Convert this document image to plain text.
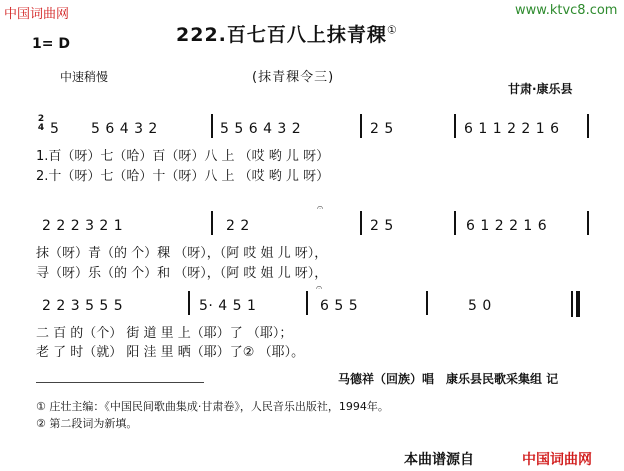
中国词曲网	www.ktvc8.com
222.百七百八上抹青稞①
1= D
中速稍慢	(抹青稞令三)
甘肃·康乐县
2
4 5 5 6 4 3 2	5 5 6 4 3 2	2 5	6 1 1 2 2 1 6
1.百（呀）七（哈）百（呀）八 上 （哎 哟 儿 呀）
2.十（呀）七（哈）十（呀）八 上 （哎 哟 儿 呀）
𝄐
2 2 2 3 2 1	2 2	2 5	6 1 2 2 1 6
抹（呀）青（的 个）稞 （呀），（阿 哎 姐 儿 呀），
寻（呀）乐（的 个）和 （呀），（阿 哎 姐 儿 呀），
𝄐
2 2 3 5 5 5	5· 4 5 1	6 5 5	5 0
二 百 的（个） 街 道 里 上（耶）了 （耶）；
老 了 时（就） 阳 洼 里 晒（耶）了② （耶）。
马德祥（回族）唱　康乐县民歌采集组 记
① 庄壮主编：《中国民间歌曲集成·甘肃卷》，人民音乐出版社，1994年。
② 第二段词为新填。
本曲谱源自	中国词曲网
